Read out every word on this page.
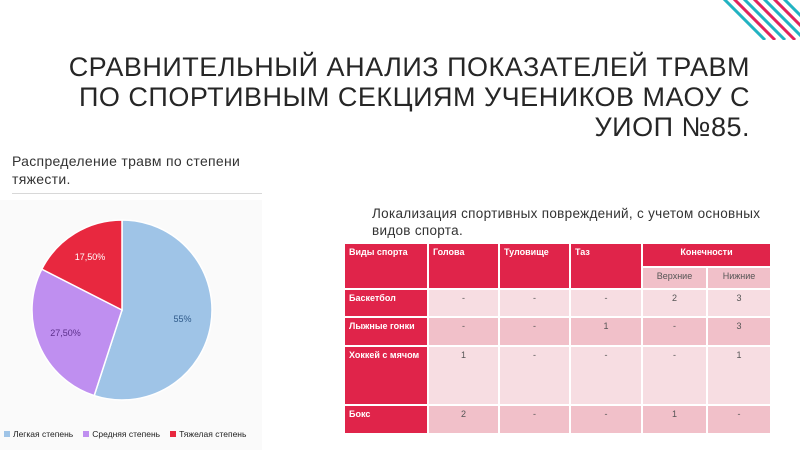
СРАВНИТЕЛЬНЫЙ АНАЛИЗ ПОКАЗАТЕЛЕЙ ТРАВМ ПО СПОРТИВНЫМ СЕКЦИЯМ УЧЕНИКОВ МАОУ С УИОП №85.
Распределение травм по степени тяжести.
55%
27,50%
17,50%
Легкая степень Средняя степень Тяжелая степень
Локализация спортивных повреждений, с учетом основных видов спорта.
Виды спорта	Голова	Туловище	Таз	Конечности	
				Верхние	Нижние
Баскетбол	-	-	-	2	3
Лыжные гонки	-	-	1	-	3
Хоккей с мячом	1	-	-	-	1
Бокс	2	-	-	1	-
